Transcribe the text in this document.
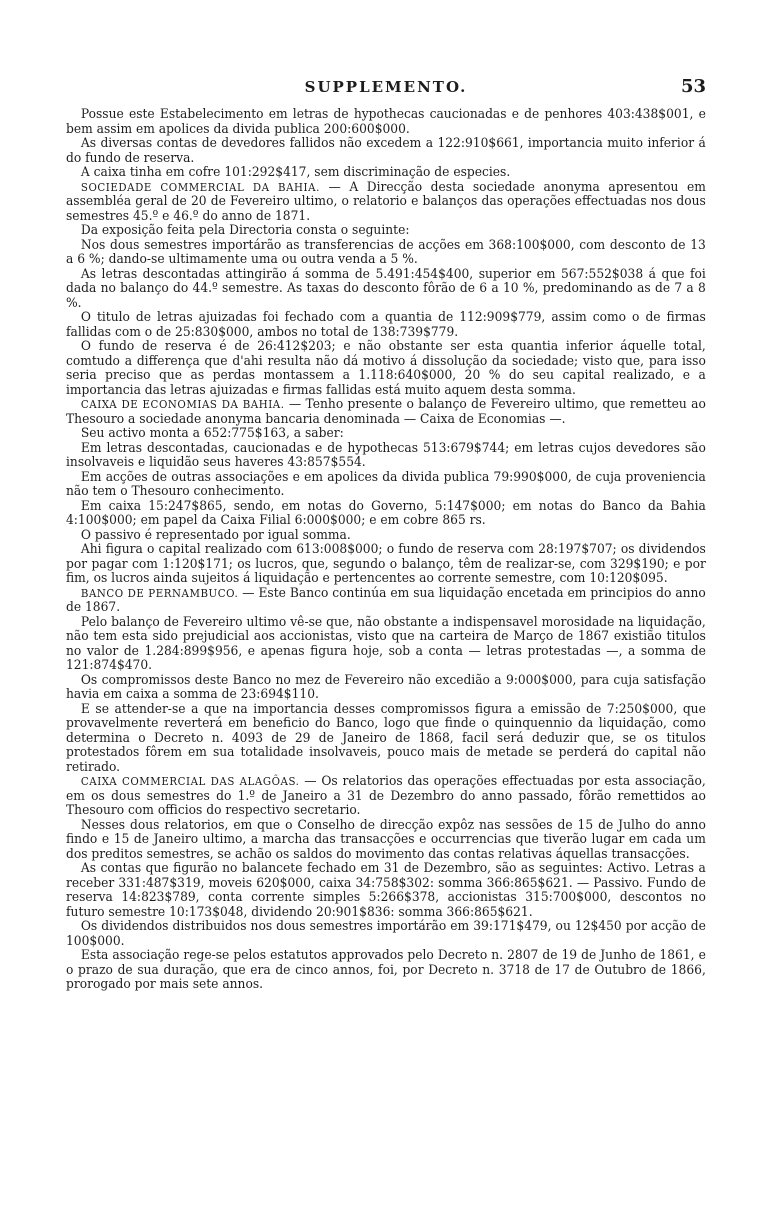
SUPPLEMENTO.	53

Possue este Estabelecimento em letras de hypothecas caucionadas e de penhores 403:438$001, e bem assim em apolices da divida publica 200:600$000.

As diversas contas de devedores fallidos não excedem a 122:910$661, importancia muito inferior á do fundo de reserva.

A caixa tinha em cofre 101:292$417, sem discriminação de especies.

SOCIEDADE COMMERCIAL DA BAHIA. — A Direcção desta sociedade anonyma apresentou em assembléa geral de 20 de Fevereiro ultimo, o relatorio e balanços das operações effectuadas nos dous semestres 45.º e 46.º do anno de 1871.

Da exposição feita pela Directoria consta o seguinte:

Nos dous semestres importárão as transferencias de acções em 368:100$000, com desconto de 13 a 6 %; dando-se ultimamente uma ou outra venda a 5 %.

As letras descontadas attingirão á somma de 5.491:454$400, superior em 567:552$038 á que foi dada no balanço do 44.º semestre. As taxas do desconto fôrão de 6 a 10 %, predominando as de 7 a 8 %.

O titulo de letras ajuizadas foi fechado com a quantia de 112:909$779, assim como o de firmas fallidas com o de 25:830$000, ambos no total de 138:739$779.

O fundo de reserva é de 26:412$203; e não obstante ser esta quantia inferior áquelle total, comtudo a differença que d'ahi resulta não dá motivo á dissolução da sociedade; visto que, para isso seria preciso que as perdas montassem a 1.118:640$000, 20 % do seu capital realizado, e a importancia das letras ajuizadas e firmas fallidas está muito aquem desta somma.

CAIXA DE ECONOMIAS DA BAHIA. — Tenho presente o balanço de Fevereiro ultimo, que remetteu ao Thesouro a sociedade anonyma bancaria denominada — Caixa de Economias —.

Seu activo monta a 652:775$163, a saber:

Em letras descontadas, caucionadas e de hypothecas 513:679$744; em letras cujos devedores são insolvaveis e liquidão seus haveres 43:857$554.

Em acções de outras associações e em apolices da divida publica 79:990$000, de cuja proveniencia não tem o Thesouro conhecimento.

Em caixa 15:247$865, sendo, em notas do Governo, 5:147$000; em notas do Banco da Bahia 4:100$000; em papel da Caixa Filial 6:000$000; e em cobre 865 rs.

O passivo é representado por igual somma.

Ahi figura o capital realizado com 613:008$000; o fundo de reserva com 28:197$707; os dividendos por pagar com 1:120$171; os lucros, que, segundo o balanço, têm de realizar-se, com 329$190; e por fim, os lucros ainda sujeitos á liquidação e pertencentes ao corrente semestre, com 10:120$095.

BANCO DE PERNAMBUCO. — Este Banco continúa em sua liquidação encetada em principios do anno de 1867.

Pelo balanço de Fevereiro ultimo vê-se que, não obstante a indispensavel morosidade na liquidação, não tem esta sido prejudicial aos accionistas, visto que na carteira de Março de 1867 existião titulos no valor de 1.284:899$956, e apenas figura hoje, sob a conta — letras protestadas —, a somma de 121:874$470.

Os compromissos deste Banco no mez de Fevereiro não excedião a 9:000$000, para cuja satisfação havia em caixa a somma de 23:694$110.

E se attender-se a que na importancia desses compromissos figura a emissão de 7:250$000, que provavelmente reverterá em beneficio do Banco, logo que finde o quinquennio da liquidação, como determina o Decreto n. 4093 de 29 de Janeiro de 1868, facil será deduzir que, se os titulos protestados fôrem em sua totalidade insolvaveis, pouco mais de metade se perderá do capital não retirado.

CAIXA COMMERCIAL DAS ALAGÔAS. — Os relatorios das operações effectuadas por esta associação, em os dous semestres do 1.º de Janeiro a 31 de Dezembro do anno passado, fôrão remettidos ao Thesouro com officios do respectivo secretario.

Nesses dous relatorios, em que o Conselho de direcção expôz nas sessões de 15 de Julho do anno findo e 15 de Janeiro ultimo, a marcha das transacções e occurrencias que tiverão lugar em cada um dos preditos semestres, se achão os saldos do movimento das contas relativas áquellas transacções.

As contas que figurão no balancete fechado em 31 de Dezembro, são as seguintes: Activo. Letras a receber 331:487$319, moveis 620$000, caixa 34:758$302: somma 366:865$621. — Passivo. Fundo de reserva 14:823$789, conta corrente simples 5:266$378, accionistas 315:700$000, descontos no futuro semestre 10:173$048, dividendo 20:901$836: somma 366:865$621.

Os dividendos distribuidos nos dous semestres importárão em 39:171$479, ou 12$450 por acção de 100$000.

Esta associação rege-se pelos estatutos approvados pelo Decreto n. 2807 de 19 de Junho de 1861, e o prazo de sua duração, que era de cinco annos, foi, por Decreto n. 3718 de 17 de Outubro de 1866, prorogado por mais sete annos.
